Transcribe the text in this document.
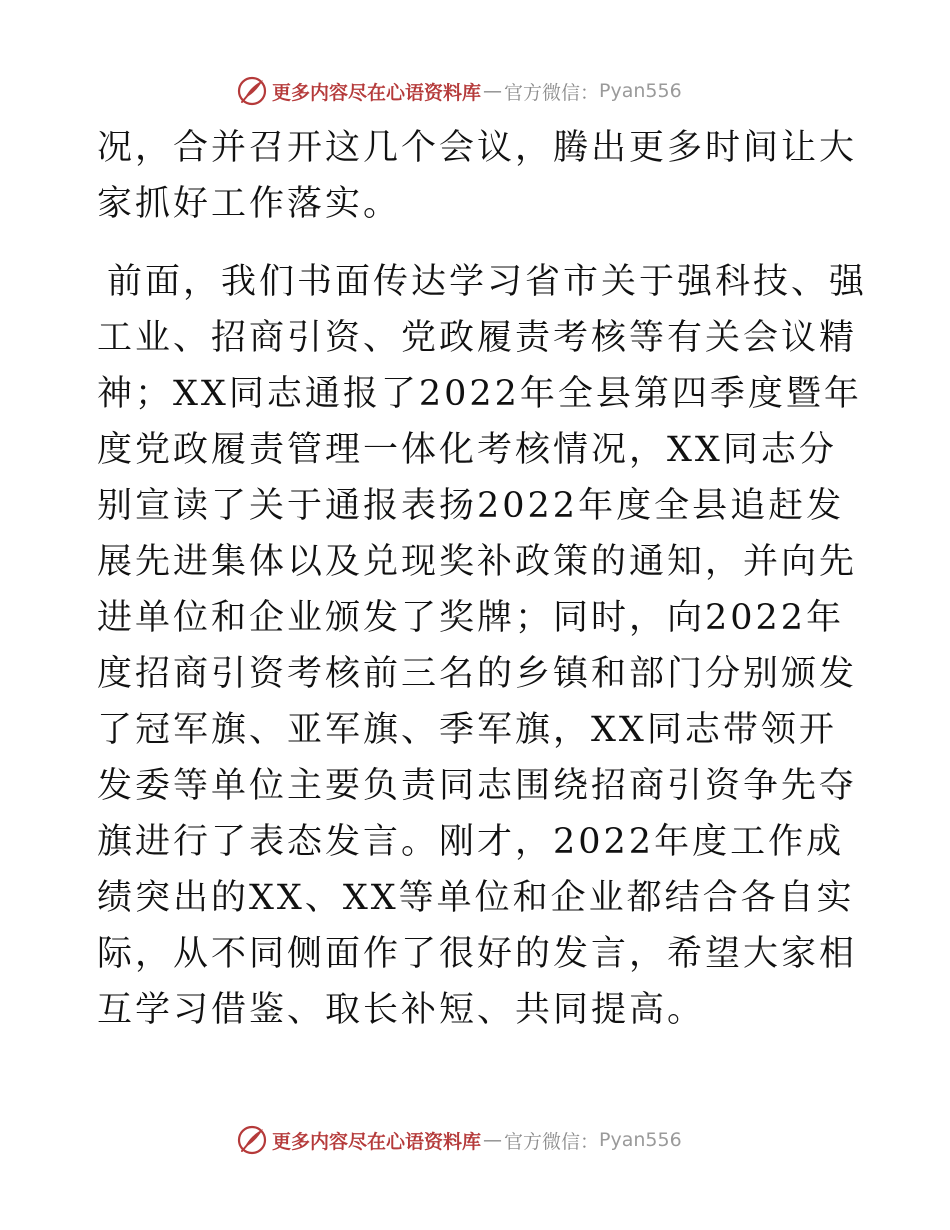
更多内容尽在心语资料库 — 官方微信： Pyan556

况，合并召开这几个会议，腾出更多时间让大家抓好工作落实。

前面，我们书面传达学习省市关于强科技、强工业、招商引资、党政履责考核等有关会议精神；XX同志通报了2022年全县第四季度暨年度党政履责管理一体化考核情况，XX同志分别宣读了关于通报表扬2022年度全县追赶发展先进集体以及兑现奖补政策的通知，并向先进单位和企业颁发了奖牌；同时，向2022年度招商引资考核前三名的乡镇和部门分别颁发了冠军旗、亚军旗、季军旗，XX同志带领开发委等单位主要负责同志围绕招商引资争先夺旗进行了表态发言。刚才，2022年度工作成绩突出的XX、XX等单位和企业都结合各自实际，从不同侧面作了很好的发言，希望大家相互学习借鉴、取长补短、共同提高。

更多内容尽在心语资料库 — 官方微信： Pyan556
